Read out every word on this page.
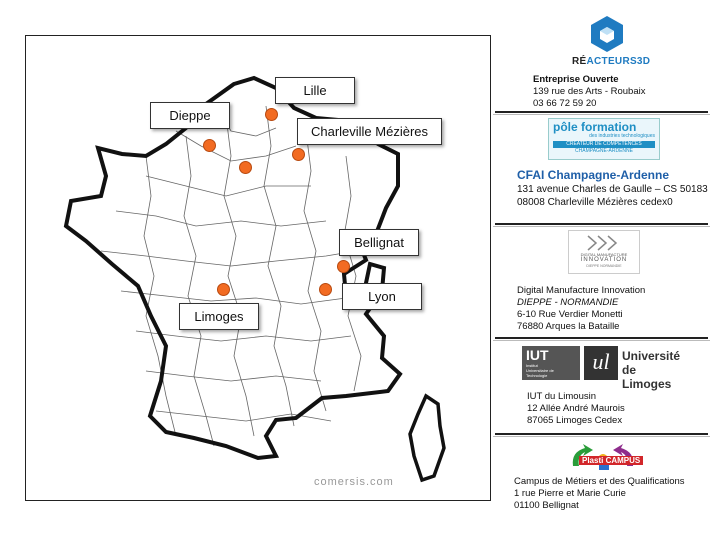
comersis.com
Lille
Dieppe
Charleville Mézières
Bellignat
Lyon
Limoges
RÉACTEURS3D
Entreprise Ouverte
139 rue des Arts - Roubaix
03 66 72 59 20
pôle formation
des industries technologiques
CRÉATEUR DE COMPÉTENCES
CHAMPAGNE-ARDENNE
CFAI Champagne-Ardenne
131 avenue Charles de Gaulle – CS 50183
08008 Charleville Mézières cedex0
DIGITAL MANUFACTURE
INNOVATION
DIEPPE NORMANDIE
Digital Manufacture Innovation
DIEPPE - NORMANDIE
6-10 Rue Verdier Monetti
76880 Arques la Bataille
IUT
Institut Universitaire de Technologie
ul	Université
de Limoges
IUT du Limousin
12 Allée André Maurois
87065 Limoges Cedex
Plasti CAMPUS
Campus de Métiers et des Qualifications
1 rue Pierre et Marie Curie
01100 Bellignat
